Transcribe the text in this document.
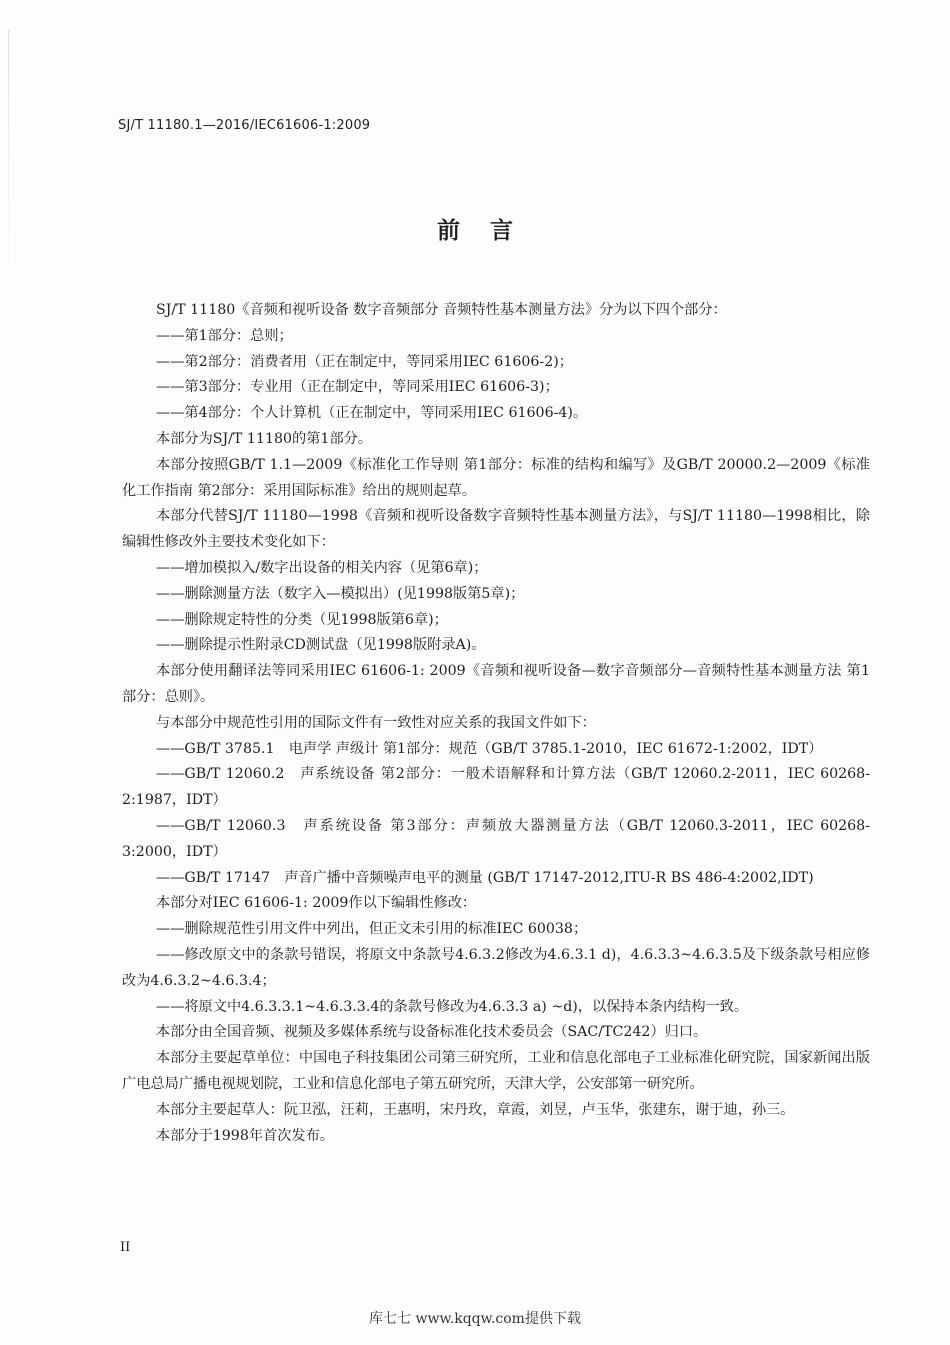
SJ/T 11180.1—2016/IEC61606-1:2009
前言

SJ/T 11180《音频和视听设备 数字音频部分 音频特性基本测量方法》分为以下四个部分：

——第1部分：总则；

——第2部分：消费者用（正在制定中，等同采用IEC 61606-2)；

——第3部分：专业用（正在制定中，等同采用IEC 61606-3)；

——第4部分：个人计算机（正在制定中，等同采用IEC 61606-4)。

本部分为SJ/T 11180的第1部分。

本部分按照GB/T 1.1—2009《标准化工作导则 第1部分：标准的结构和编写》及GB/T 20000.2—2009《标准化工作指南 第2部分：采用国际标准》给出的规则起草。

本部分代替SJ/T 11180—1998《音频和视听设备数字音频特性基本测量方法》，与SJ/T 11180—1998相比，除编辑性修改外主要技术变化如下：

——增加模拟入/数字出设备的相关内容（见第6章)；

——删除测量方法（数字入—模拟出）(见1998版第5章)；

——删除规定特性的分类（见1998版第6章)；

——删除提示性附录CD测试盘（见1998版附录A)。

本部分使用翻译法等同采用IEC 61606-1: 2009《音频和视听设备—数字音频部分—音频特性基本测量方法 第1部分：总则》。

与本部分中规范性引用的国际文件有一致性对应关系的我国文件如下：

——GB/T 3785.1　电声学 声级计 第1部分：规范（GB/T 3785.1-2010，IEC 61672-1:2002，IDT）

——GB/T 12060.2　声系统设备 第2部分：一般术语解释和计算方法（GB/T 12060.2-2011，IEC 60268-2:1987，IDT）

——GB/T 12060.3　声系统设备 第3部分：声频放大器测量方法（GB/T 12060.3-2011，IEC 60268-3:2000，IDT）

——GB/T 17147　声音广播中音频噪声电平的测量 (GB/T 17147-2012,ITU-R BS 486-4:2002,IDT)

本部分对IEC 61606-1: 2009作以下编辑性修改：

——删除规范性引用文件中列出，但正文未引用的标准IEC 60038；

——修改原文中的条款号错误，将原文中条款号4.6.3.2修改为4.6.3.1 d)，4.6.3.3~4.6.3.5及下级条款号相应修改为4.6.3.2~4.6.3.4；

——将原文中4.6.3.3.1~4.6.3.3.4的条款号修改为4.6.3.3 a) ~d)，以保持本条内结构一致。

本部分由全国音频、视频及多媒体系统与设备标准化技术委员会（SAC/TC242）归口。

本部分主要起草单位：中国电子科技集团公司第三研究所，工业和信息化部电子工业标准化研究院，国家新闻出版广电总局广播电视规划院，工业和信息化部电子第五研究所，天津大学，公安部第一研究所。

本部分主要起草人：阮卫泓，汪莉，王惠明，宋丹玫，章霞，刘昱，卢玉华，张建东，谢于迪，孙三。

本部分于1998年首次发布。

II
库七七 www.kqqw.com提供下载
